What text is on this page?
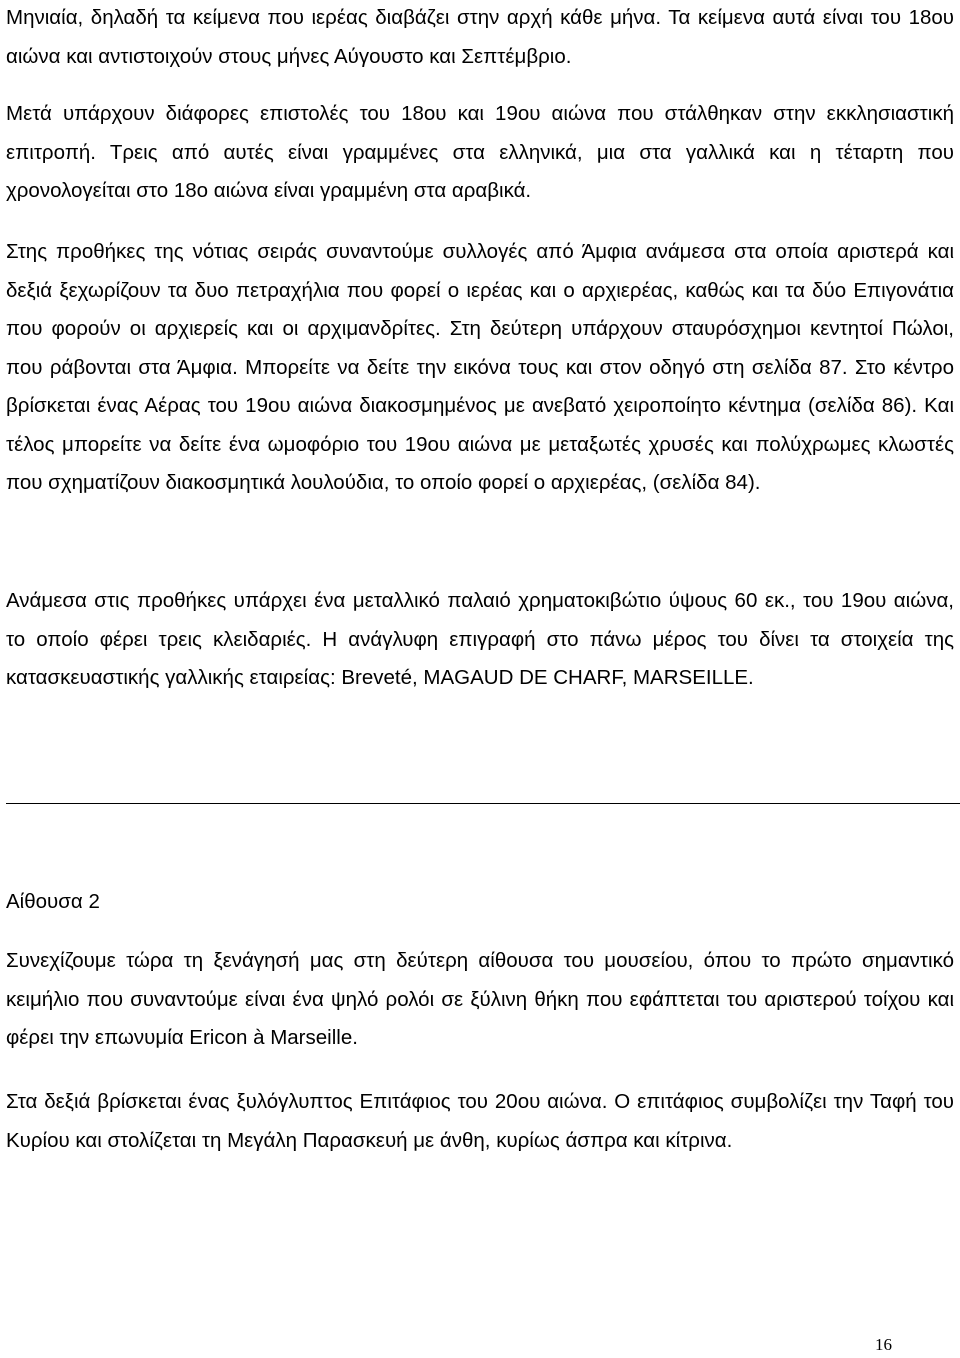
Μηνιαία, δηλαδή τα κείμενα που ιερέας διαβάζει στην αρχή κάθε μήνα. Τα κείμενα αυτά είναι του 18ου αιώνα και αντιστοιχούν στους μήνες Αύγουστο και Σεπτέμβριο.

Μετά υπάρχουν διάφορες επιστολές του 18ου και 19ου αιώνα που στάλθηκαν στην εκκλησιαστική επιτροπή. Τρεις από αυτές είναι γραμμένες στα ελληνικά, μια στα γαλλικά και η τέταρτη που χρονολογείται στο 18ο αιώνα είναι γραμμένη στα αραβικά.

Στης προθήκες της νότιας σειράς συναντούμε συλλογές από Άμφια ανάμεσα στα οποία αριστερά και δεξιά ξεχωρίζουν τα δυο πετραχήλια που φορεί ο ιερέας και ο αρχιερέας, καθώς και τα δύο Επιγονάτια που φορούν οι αρχιερείς και οι αρχιμανδρίτες. Στη δεύτερη υπάρχουν σταυρόσχημοι κεντητοί Πώλοι, που ράβονται στα Άμφια. Μπορείτε να δείτε την εικόνα τους και στον οδηγό στη σελίδα 87. Στο κέντρο βρίσκεται ένας Αέρας του 19ου αιώνα διακοσμημένος με ανεβατό χειροποίητο κέντημα (σελίδα 86). Και τέλος μπορείτε να δείτε ένα ωμοφόριο του 19ου αιώνα με μεταξωτές χρυσές και πολύχρωμες κλωστές που σχηματίζουν διακοσμητικά λουλούδια, το οποίο φορεί ο αρχιερέας, (σελίδα 84).

Ανάμεσα στις προθήκες υπάρχει ένα μεταλλικό παλαιό χρηματοκιβώτιο ύψους 60 εκ., του 19ου αιώνα, το οποίο φέρει τρεις κλειδαριές. Η ανάγλυφη επιγραφή στο πάνω μέρος του δίνει τα στοιχεία της κατασκευαστικής γαλλικής εταιρείας: Breveté, MAGAUD DE CHARF, MARSEILLE.

Αίθουσα 2

Συνεχίζουμε τώρα τη ξενάγησή μας στη δεύτερη αίθουσα του μουσείου, όπου το πρώτο σημαντικό κειμήλιο που συναντούμε είναι ένα ψηλό ρολόι σε ξύλινη θήκη που εφάπτεται του αριστερού τοίχου και φέρει την επωνυμία Ericon à Marseille.

Στα δεξιά βρίσκεται ένας ξυλόγλυπτος Επιτάφιος του 20ου αιώνα. Ο επιτάφιος συμβολίζει την Ταφή του Κυρίου και στολίζεται τη Μεγάλη Παρασκευή με άνθη, κυρίως άσπρα και κίτρινα.

16
